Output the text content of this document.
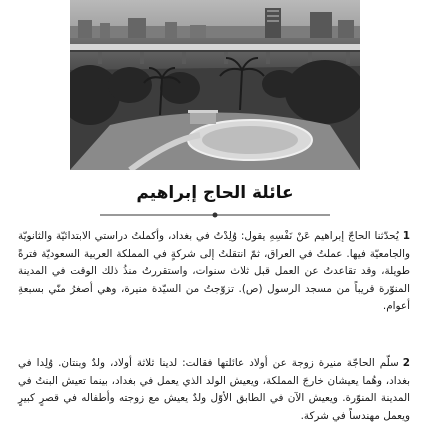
عائلة الحاج إبراهيم
1يُحدّثنا الحاجّ إبراهيم عَنْ نَفْسِهِ يقول: وُلِدْتُ في بغداد، وأكملتُ دراستي الابتدائيّة والثانويّة والجامعيّة فيها. عملتُ في العراق، ثمّ انتقلتُ إلى شركةٍ في المملكة العربية السعوديّة فترةً طويلة، وقد تقاعدتُ عن العمل قبل ثلاث سنوات، واستقررتُ منذُ ذلك الوقت في المدينة المنوّرة قريباً من مسجد الرسول (ص). تزوّجتُ من السيّدة منيرة، وهي أصغرُ منّي بسبعةِ أعوام.
2سلّم الحاجّة منيرة زوجة عن أولاد عائلتها فقالت: لدينا ثلاثة أولاد، ولدٌ وبنتان. وُلِدا في بغداد، وهُما يعيشان خارجَ المملكة، ويعيش الولد الذي يعمل في بغداد، بينما تعيش البنتُ في المدينة المنوّرة. ويعيش الآن في الطابق الأوّل ولدٌ يعيش مع زوجته وأطفاله في قصرٍ كبيرٍ ويعمل مهندساً في شركة.
